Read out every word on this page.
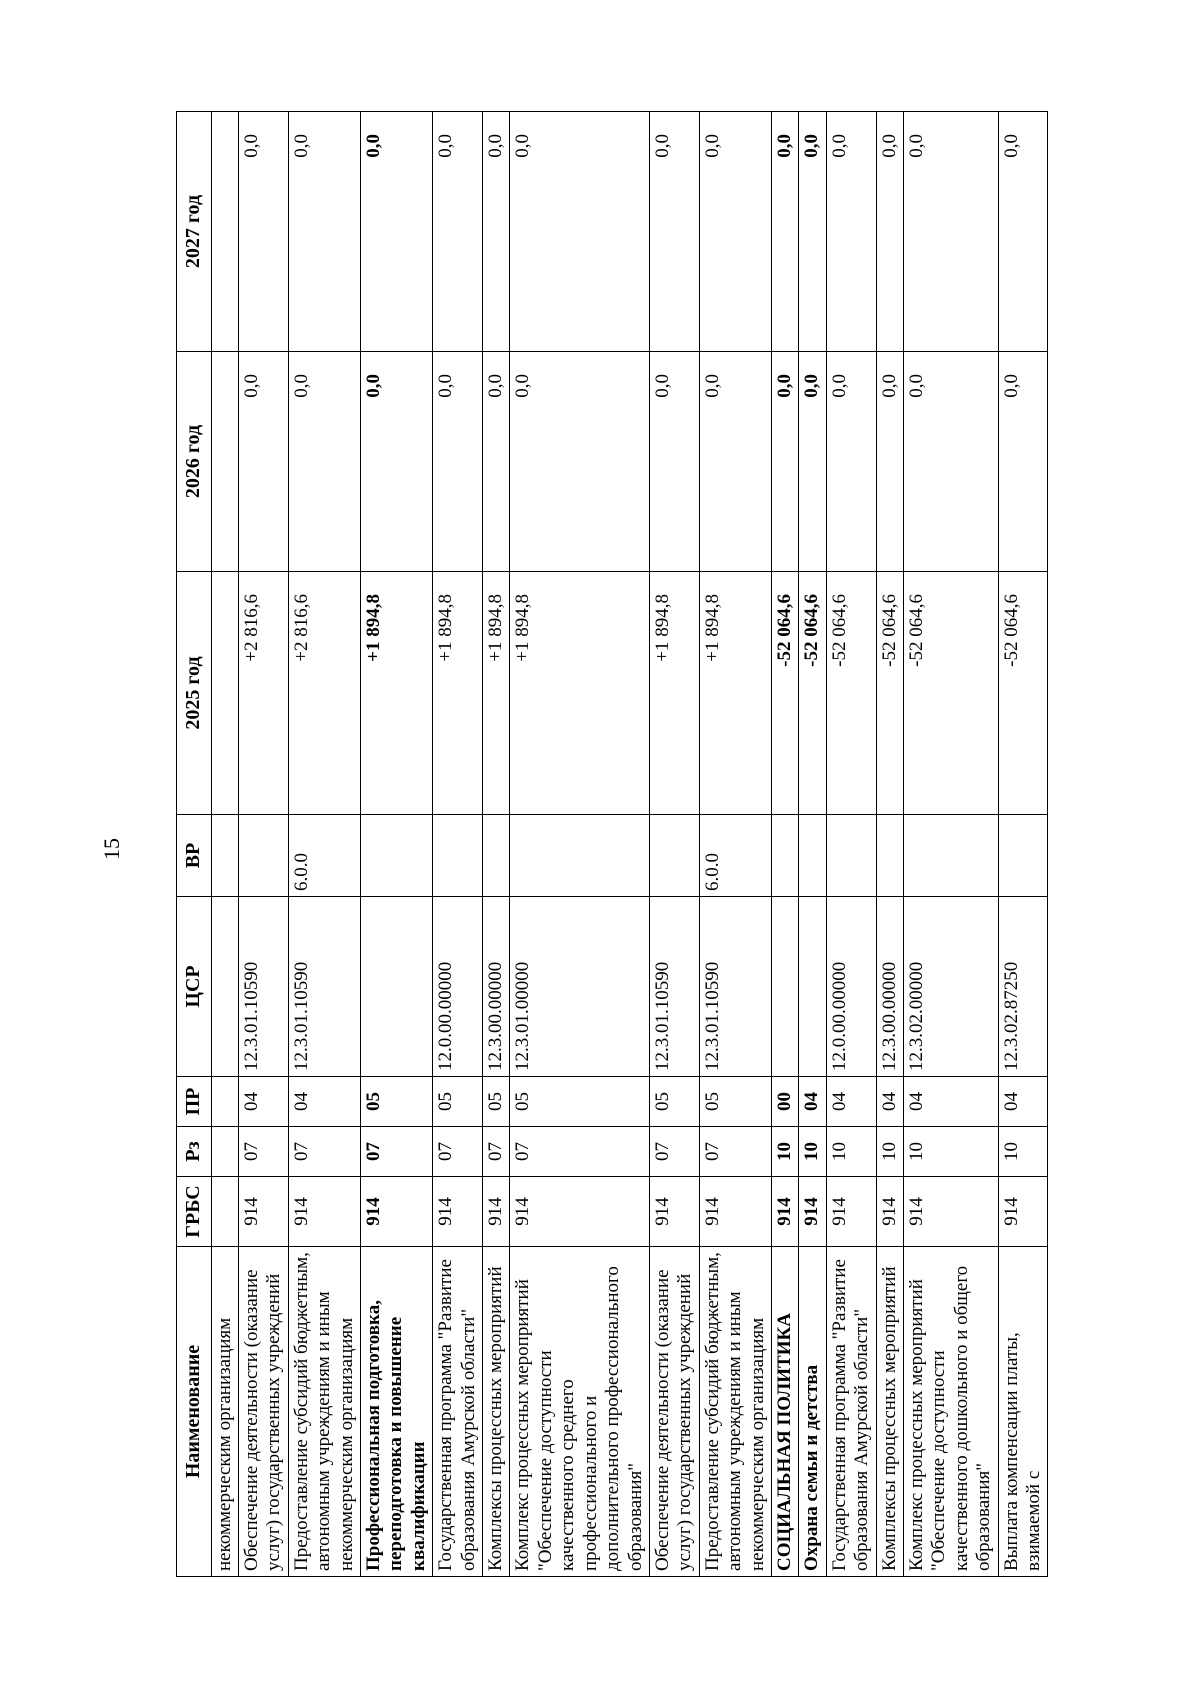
15
Наименование	ГРБС	Рз	ПР	ЦСР	ВР	2025 год	2026 год	2027 год
некоммерческим организациям								
Обеспечение деятельности (оказание услуг) государственных учреждений	914	07	04	12.3.01.10590		+2 816,6	0,0	0,0
Предоставление субсидий бюджетным, автономным учреждениям и иным некоммерческим организациям	914	07	04	12.3.01.10590	6.0.0	+2 816,6	0,0	0,0
Профессиональная подготовка, переподготовка и повышение квалификации	914	07	05			+1 894,8	0,0	0,0
Государственная программа "Развитие образования Амурской области"	914	07	05	12.0.00.00000		+1 894,8	0,0	0,0
Комплексы процессных мероприятий	914	07	05	12.3.00.00000		+1 894,8	0,0	0,0
Комплекс процессных мероприятий "Обеспечение доступности качественного среднего профессионального и дополнительного профессионального образования"	914	07	05	12.3.01.00000		+1 894,8	0,0	0,0
Обеспечение деятельности (оказание услуг) государственных учреждений	914	07	05	12.3.01.10590		+1 894,8	0,0	0,0
Предоставление субсидий бюджетным, автономным учреждениям и иным некоммерческим организациям	914	07	05	12.3.01.10590	6.0.0	+1 894,8	0,0	0,0
СОЦИАЛЬНАЯ ПОЛИТИКА	914	10	00			-52 064,6	0,0	0,0
Охрана семьи и детства	914	10	04			-52 064,6	0,0	0,0
Государственная программа "Развитие образования Амурской области"	914	10	04	12.0.00.00000		-52 064,6	0,0	0,0
Комплексы процессных мероприятий	914	10	04	12.3.00.00000		-52 064,6	0,0	0,0
Комплекс процессных мероприятий "Обеспечение доступности качественного дошкольного и общего образования"	914	10	04	12.3.02.00000		-52 064,6	0,0	0,0
Выплата компенсации платы, взимаемой с	914	10	04	12.3.02.87250		-52 064,6	0,0	0,0
